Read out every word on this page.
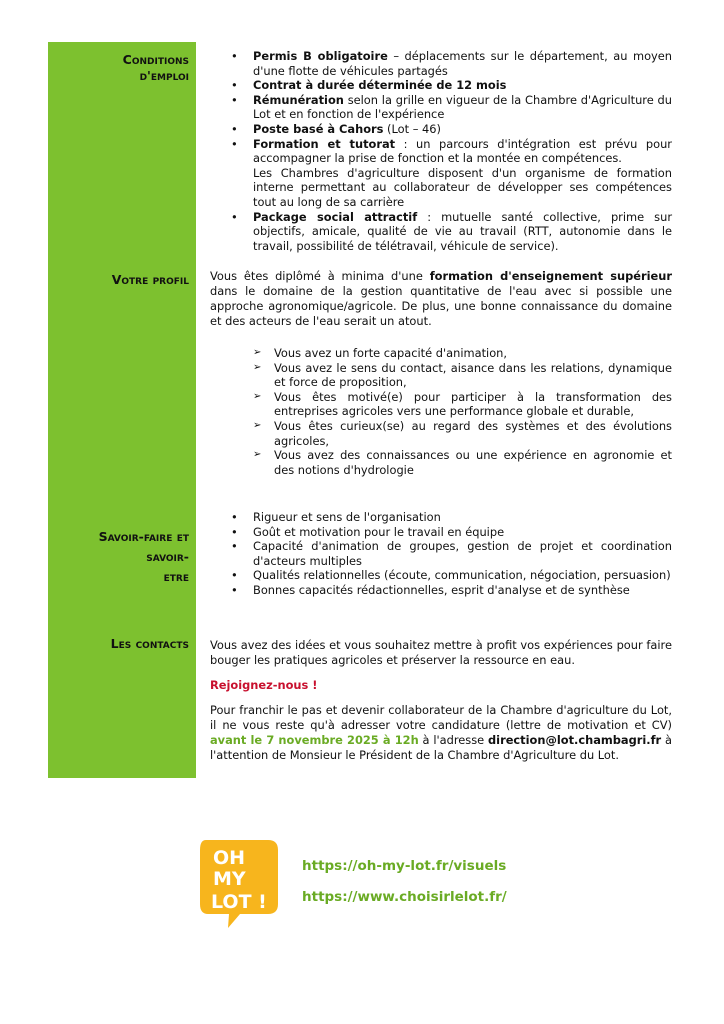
Conditions
d'emploi
• Permis B obligatoire – déplacements sur le département, au moyen d'une flotte de véhicules partagés
• Contrat à durée déterminée de 12 mois
• Rémunération selon la grille en vigueur de la Chambre d'Agriculture du Lot et en fonction de l'expérience
• Poste basé à Cahors (Lot – 46)
• Formation et tutorat : un parcours d'intégration est prévu pour accompagner la prise de fonction et la montée en compétences.
Les Chambres d'agriculture disposent d'un organisme de formation interne permettant au collaborateur de développer ses compétences tout au long de sa carrière
• Package social attractif : mutuelle santé collective, prime sur objectifs, amicale, qualité de vie au travail (RTT, autonomie dans le travail, possibilité de télétravail, véhicule de service).
Votre profil Vous êtes diplômé à minima d'une formation d'enseignement supérieur dans le domaine de la gestion quantitative de l'eau avec si possible une approche agronomique/agricole. De plus, une bonne connaissance du domaine et des acteurs de l'eau serait un atout.

➢ Vous avez un forte capacité d'animation,
➢ Vous avez le sens du contact, aisance dans les relations, dynamique et force de proposition,
➢ Vous êtes motivé(e) pour participer à la transformation des entreprises agricoles vers une performance globale et durable,
➢ Vous êtes curieux(se) au regard des systèmes et des évolutions agricoles,
➢ Vous avez des connaissances ou une expérience en agronomie et des notions d'hydrologie
Savoir-faire et
savoir-
etre
• Rigueur et sens de l'organisation
• Goût et motivation pour le travail en équipe
• Capacité d'animation de groupes, gestion de projet et coordination d'acteurs multiples
• Qualités relationnelles (écoute, communication, négociation, persuasion)
• Bonnes capacités rédactionnelles, esprit d'analyse et de synthèse
Les contacts Vous avez des idées et vous souhaitez mettre à profit vos expériences pour faire bouger les pratiques agricoles et préserver la ressource en eau.

Rejoignez-nous !

Pour franchir le pas et devenir collaborateur de la Chambre d'agriculture du Lot, il ne vous reste qu'à adresser votre candidature (lettre de motivation et CV) avant le 7 novembre 2025 à 12h à l'adresse direction@lot.chambagri.fr à l'attention de Monsieur le Président de la Chambre d'Agriculture du Lot.

OH
MY
LOT !
https://oh-my-lot.fr/visuels
https://www.choisirlelot.fr/
